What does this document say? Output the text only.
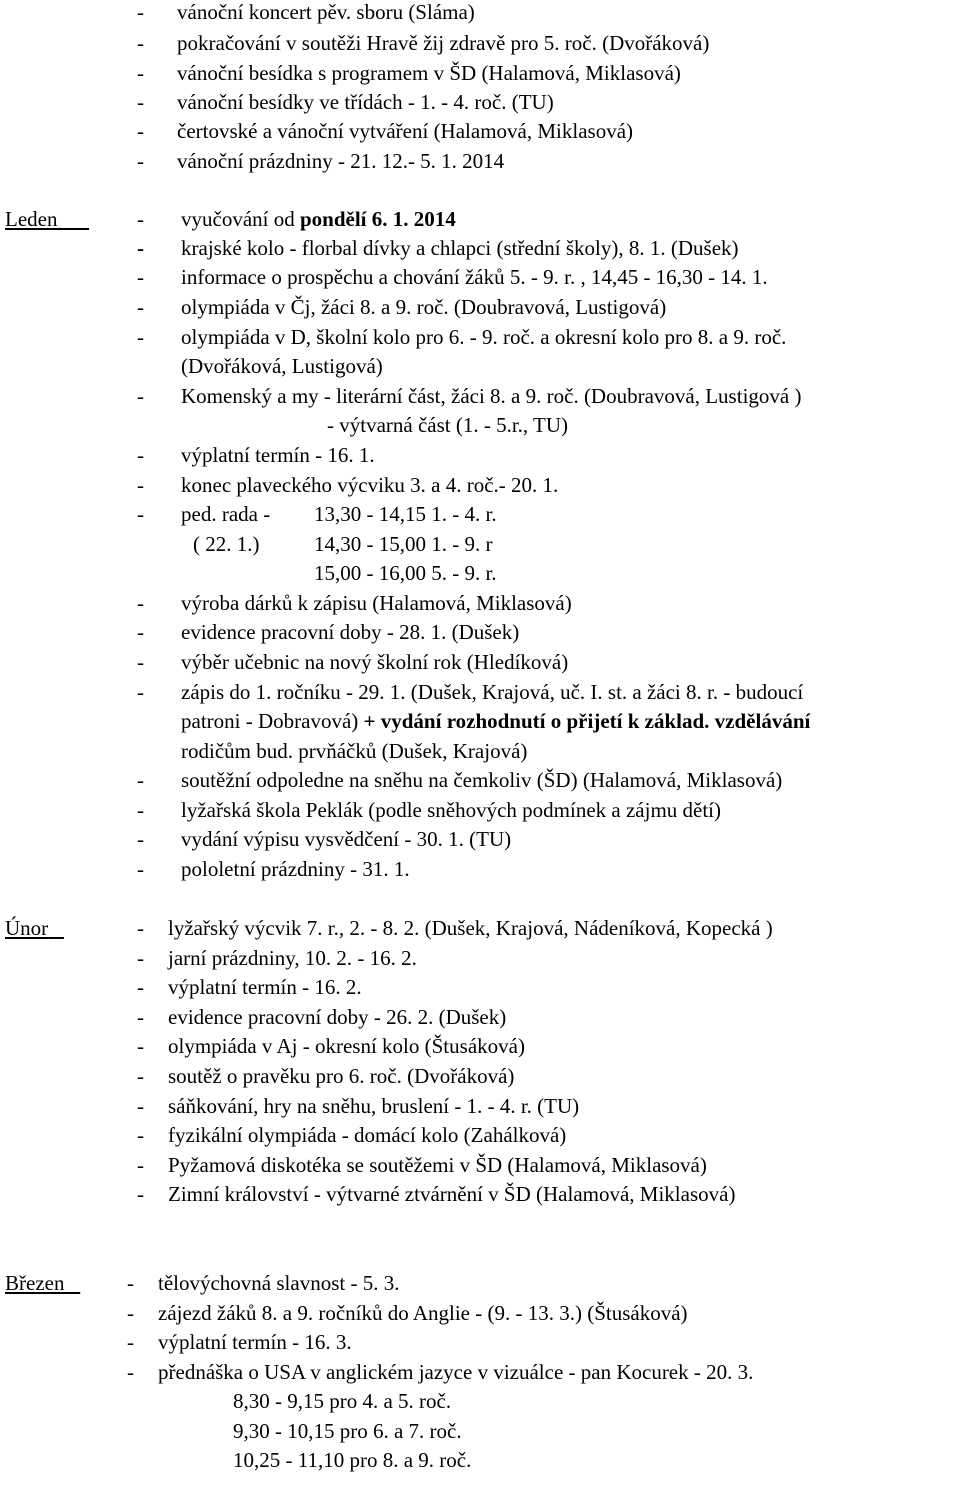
- vánoční koncert pěv. sboru (Sláma)
- pokračování v soutěži Hravě žij zdravě pro 5. roč. (Dvořáková)
- vánoční besídka s programem v ŠD (Halamová, Miklasová)
- vánoční besídky ve třídách - 1. - 4. roč. (TU)
- čertovské a vánoční vytváření (Halamová, Miklasová)
- vánoční prázdniny - 21. 12.- 5. 1. 2014
Leden	- vyučování od pondělí 6. 1. 2014
- krajské kolo - florbal dívky a chlapci (střední školy), 8. 1. (Dušek)
- informace o prospěchu a chování žáků 5. - 9. r. , 14,45 - 16,30 - 14. 1.
- olympiáda v Čj, žáci 8. a 9. roč. (Doubravová, Lustigová)
- olympiáda v D, školní kolo pro 6. - 9. roč. a okresní kolo pro 8. a 9. roč.
(Dvořáková, Lustigová)
- Komenský a my - literární část, žáci 8. a 9. roč. (Doubravová, Lustigová )
- výtvarná část (1. - 5.r., TU)
- výplatní termín - 16. 1.
- konec plaveckého výcviku 3. a 4. roč.- 20. 1.
- ped. rada - 13,30 - 14,15 1. - 4. r.
( 22. 1.)	14,30 - 15,00 1. - 9. r
15,00 - 16,00 5. - 9. r.
- výroba dárků k zápisu (Halamová, Miklasová)
- evidence pracovní doby - 28. 1. (Dušek)
- výběr učebnic na nový školní rok (Hledíková)
- zápis do 1. ročníku - 29. 1. (Dušek, Krajová, uč. I. st. a žáci 8. r. - budoucí
patroni - Dobravová) + vydání rozhodnutí o přijetí k základ. vzdělávání
rodičům bud. prvňáčků (Dušek, Krajová)
- soutěžní odpoledne na sněhu na čemkoliv (ŠD) (Halamová, Miklasová)
- lyžařská škola Peklák (podle sněhových podmínek a zájmu dětí)
- vydání výpisu vysvědčení - 30. 1. (TU)
- pololetní prázdniny - 31. 1.
Únor	- lyžařský výcvik 7. r., 2. - 8. 2. (Dušek, Krajová, Nádeníková, Kopecká )
- jarní prázdniny, 10. 2. - 16. 2.
- výplatní termín - 16. 2.
- evidence pracovní doby - 26. 2. (Dušek)
- olympiáda v Aj - okresní kolo (Štusáková)
- soutěž o pravěku pro 6. roč. (Dvořáková)
- sáňkování, hry na sněhu, bruslení - 1. - 4. r. (TU)
- fyzikální olympiáda - domácí kolo (Zahálková)
- Pyžamová diskotéka se soutěžemi v ŠD (Halamová, Miklasová)
- Zimní království - výtvarné ztvárnění v ŠD (Halamová, Miklasová)
Březen	- tělovýchovná slavnost - 5. 3.
- zájezd žáků 8. a 9. ročníků do Anglie - (9. - 13. 3.) (Štusáková)
- výplatní termín - 16. 3.
- přednáška o USA v anglickém jazyce v vizuálce - pan Kocurek - 20. 3.
8,30 - 9,15 pro 4. a 5. roč.
9,30 - 10,15 pro 6. a 7. roč.
10,25 - 11,10 pro 8. a 9. roč.
